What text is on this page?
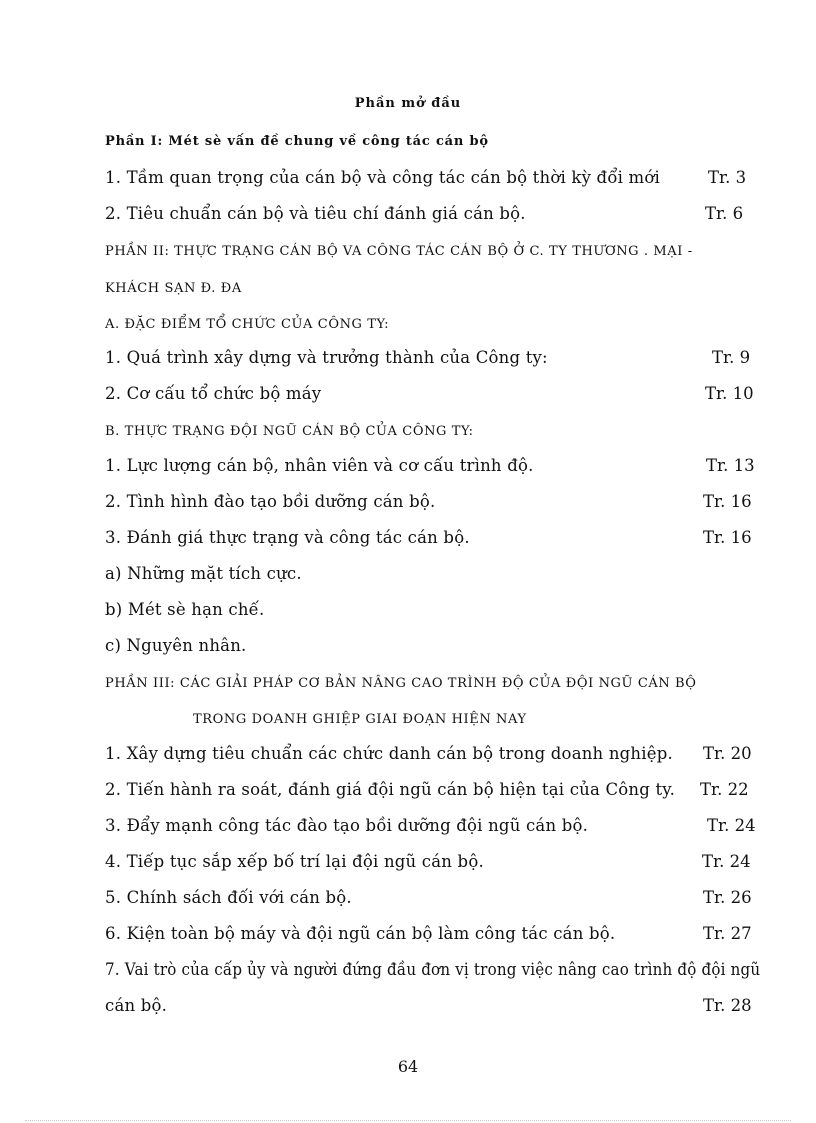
Phần mở đầu
Phần I: Mét sè vấn đề chung về công tác cán bộ
1. Tầm quan trọng của cán bộ và công tác cán bộ thời kỳ đổi mới	Tr. 3
2. Tiêu chuẩn cán bộ và tiêu chí đánh giá cán bộ.	Tr. 6
PHẦN II: THỰC TRẠNG CÁN BỘ VA CÔNG TÁC CÁN BỘ Ở C. TY THƯƠNG . MẠI -
KHÁCH SẠN Đ. ĐA
A. ĐẶC ĐIỂM TỔ CHỨC CỦA CÔNG TY:
1. Quá trình xây dựng và trưởng thành của Công ty:	Tr. 9
2. Cơ cấu tổ chức bộ máy	Tr. 10
B. THỰC TRẠNG ĐỘI NGŨ CÁN BỘ CỦA CÔNG TY:
1. Lực lượng cán bộ, nhân viên và cơ cấu trình độ.	Tr. 13
2. Tình hình đào tạo bồi dưỡng cán bộ.	Tr. 16
3. Đánh giá thực trạng và công tác cán bộ.	Tr. 16
a) Những mặt tích cực.
b) Mét sè hạn chế.
c) Nguyên nhân.
PHẦN III: CÁC GIẢI PHÁP CƠ BẢN NÂNG CAO TRÌNH ĐỘ CỦA ĐỘI NGŨ CÁN BỘ
TRONG DOANH GHIỆP GIAI ĐOẠN HIỆN NAY
1. Xây dựng tiêu chuẩn các chức danh cán bộ trong doanh nghiệp. Tr. 20
2. Tiến hành ra soát, đánh giá đội ngũ cán bộ hiện tại của Công ty. Tr. 22
3. Đẩy mạnh công tác đào tạo bồi dưỡng đội ngũ cán bộ.	Tr. 24
4. Tiếp tục sắp xếp bố trí lại đội ngũ cán bộ.	Tr. 24
5. Chính sách đối với cán bộ.	Tr. 26
6. Kiện toàn bộ máy và đội ngũ cán bộ làm công tác cán bộ.	Tr. 27
7. Vai trò của cấp ủy và người đứng đầu đơn vị trong việc nâng cao trình độ đội ngũ
cán bộ.	Tr. 28
64
